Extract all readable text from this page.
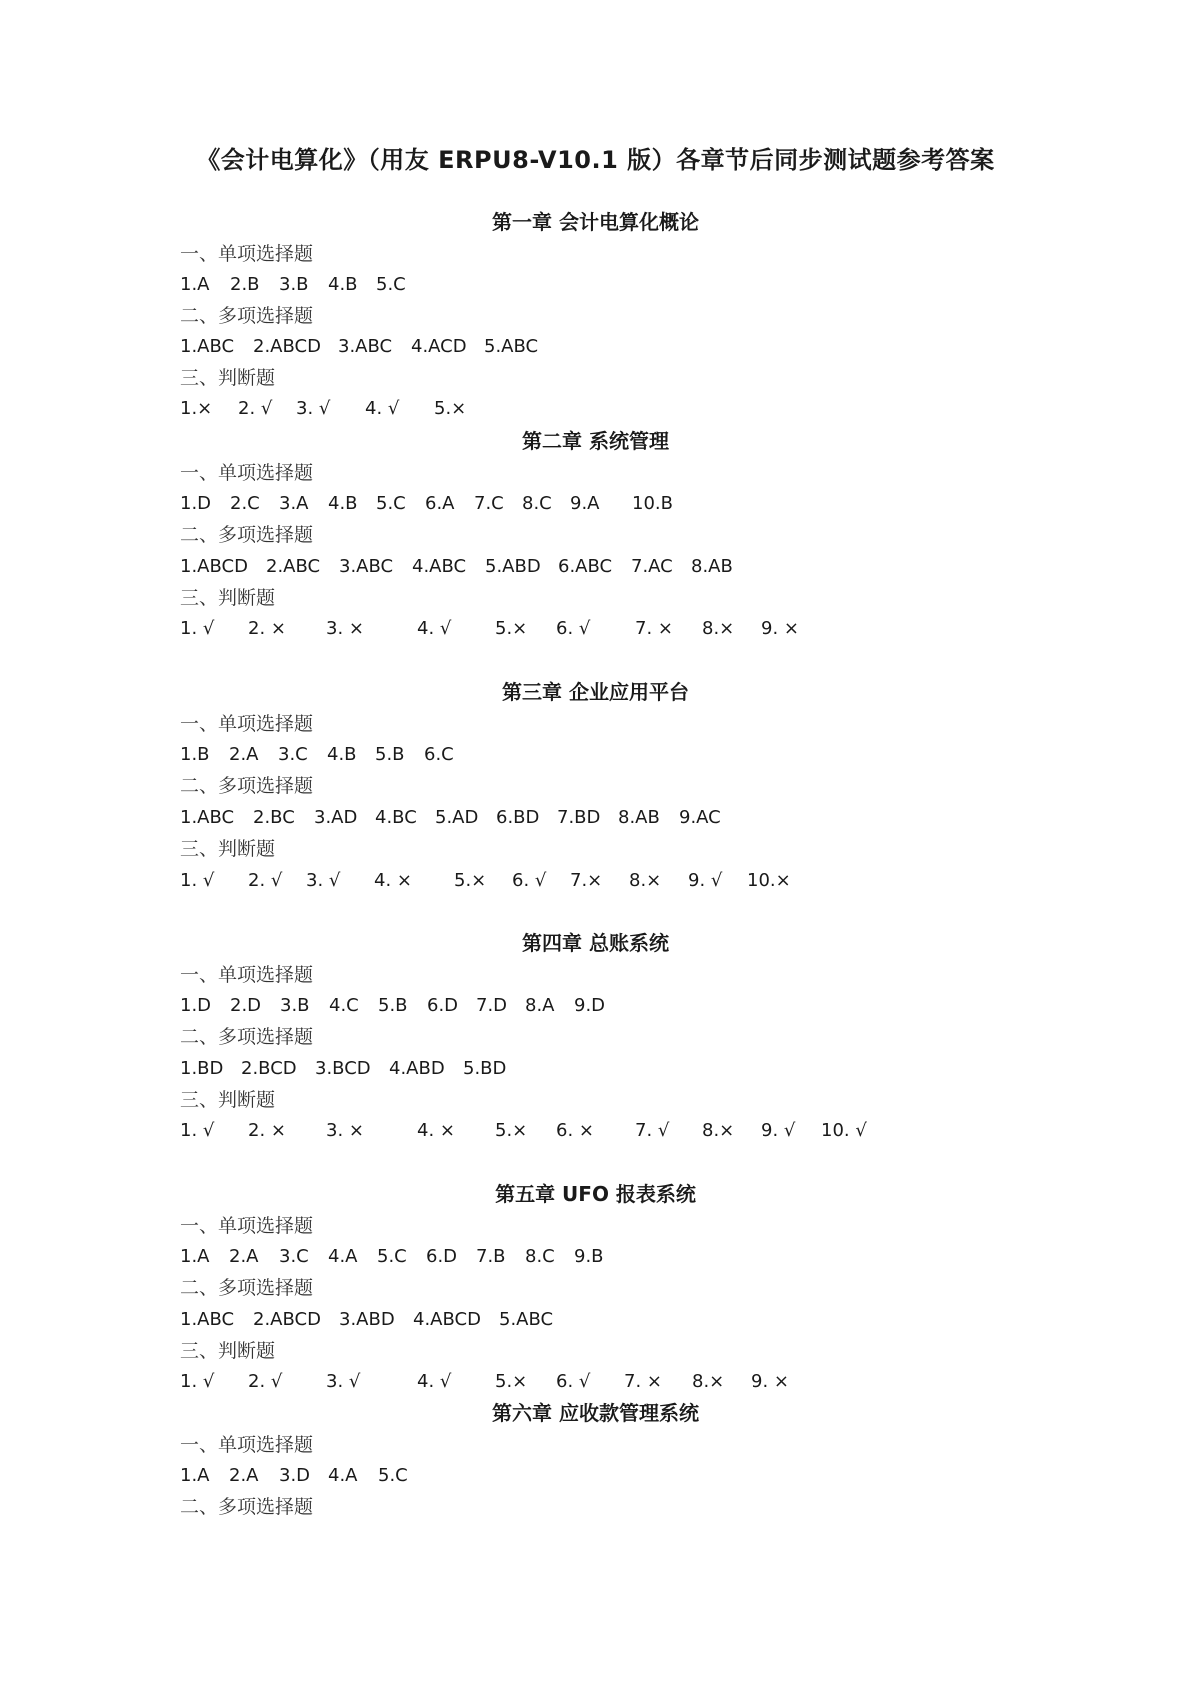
《会计电算化》（用友 ERPU8-V10.1 版）各章节后同步测试题参考答案
第一章 会计电算化概论
一、单项选择题
1.A 2.B 3.B 4.B 5.C
二、多项选择题
1.ABC 2.ABCD 3.ABC 4.ACD 5.ABC
三、判断题
1.× 2. √ 3. √ 4. √ 5.×
第二章 系统管理
一、单项选择题
1.D 2.C 3.A 4.B 5.C 6.A 7.C 8.C 9.A 10.B
二、多项选择题
1.ABCD 2.ABC 3.ABC 4.ABC 5.ABD 6.ABC 7.AC 8.AB
三、判断题
1. √ 2. × 3. ×	4. √ 5.× 6. √ 7. × 8.× 9. ×
第三章 企业应用平台
一、单项选择题
1.B 2.A 3.C 4.B 5.B 6.C
二、多项选择题
1.ABC 2.BC 3.AD 4.BC 5.AD 6.BD 7.BD 8.AB 9.AC
三、判断题
1. √ 2. √ 3. √ 4. × 5.× 6. √ 7.× 8.× 9. √ 10.×
第四章 总账系统
一、单项选择题
1.D 2.D 3.B 4.C 5.B 6.D 7.D 8.A 9.D
二、多项选择题
1.BD 2.BCD 3.BCD 4.ABD 5.BD
三、判断题
1. √ 2. × 3. ×	4. × 5.× 6. × 7. √ 8.× 9. √ 10. √
第五章 UFO 报表系统
一、单项选择题
1.A 2.A 3.C 4.A 5.C 6.D 7.B 8.C 9.B
二、多项选择题
1.ABC 2.ABCD 3.ABD 4.ABCD 5.ABC
三、判断题
1. √ 2. √ 3. √	4. √ 5.× 6. √ 7. × 8.× 9. ×
第六章 应收款管理系统
一、单项选择题
1.A 2.A 3.D 4.A 5.C
二、多项选择题
